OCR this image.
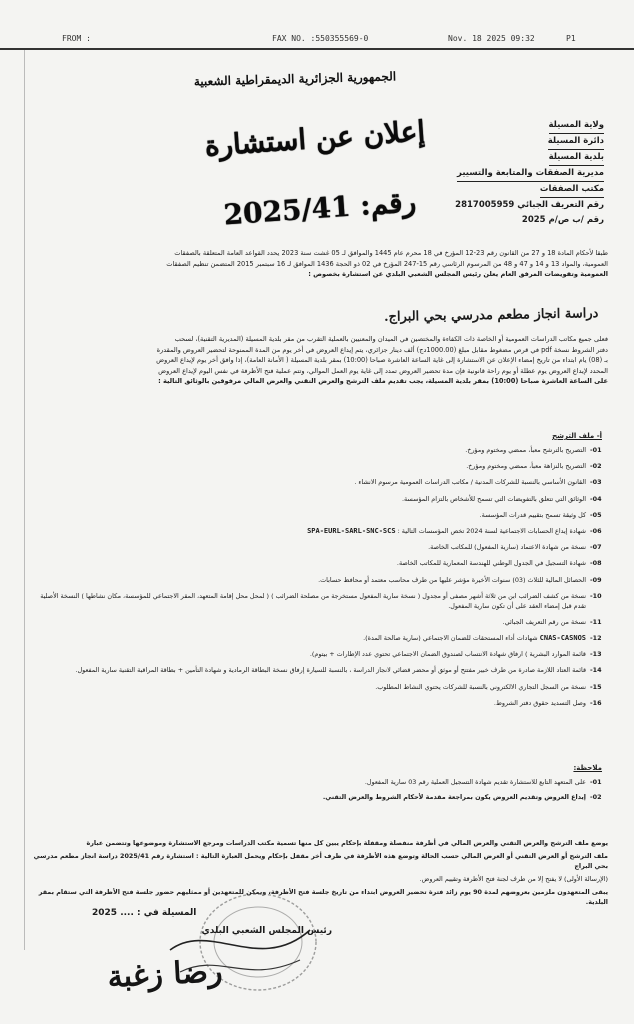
FROM :	FAX NO. :550355569-0	Nov. 18 2025 09:32	P1
الجمهورية الجزائرية الديمقراطية الشعبية
إعلان عن استشارة رقم: 2025/41
ولاية المسيلة
دائرة المسيلة
بلدية المسيلة
مديرية الصفقات والمتابعة والتسيير
مكتب الصفقات
رقم التعريف الجبائي 2817005959
رقم /ب ص/م 2025

طبقا لأحكام المادة 18 و 27 من القانون رقم 23-12 المؤرخ في 18 محرم عام 1445 والموافق لـ 05 غشت سنة 2023 يحدد القواعد العامة المتعلقة بالصفقات

العمومية، والمواد 13 و 14 و 47 و 48 من المرسوم الرئاسي رقم 15-247 المؤرخ في 02 ذو الحجة 1436 الموافق لـ 16 سبتمبر 2015 المتضمن تنظيم الصفقات

العمومية وتفويضات المرفق العام يعلن رئيس المجلس الشعبي البلدي عن استشارة بخصوص :

دراسة انجاز مطعم مدرسي بحي البراج.

فعلى جميع مكاتب الدراسات العمومية أو الخاصة ذات الكفاءة والمختصين في الميدان والمعنيين بالعملية التقرب من مقر بلدية المسيلة (المديرية التقنية)، لسحب

دفتر الشروط نسخة pdf في قرص مضغوط مقابل مبلغ (1000.00دج) ألف دينار جزائري، يتم إيداع العروض في أخر يوم من المدة الممنوحة لتحضير العروض والمقدرة

بـ (08) يام ابتداء من تاريخ إمضاء الإعلان عن الاستشارة إلى غاية الساعة العاشرة صباحا (10:00) بمقر بلدية المسيلة ( الأمانة العامة)، إذا وافق أخر يوم لإيداع العروض

المحدد لإيداع العروض يوم عطلة أو يوم راحة قانونية فإن مدة تحضير العروض تمدد إلى غاية يوم العمل الموالي، وتتم عملية فتح الأظرفة في نفس اليوم لإيداع العروض

على الساعة العاشرة صباحا (10:00) بمقر بلدية المسيلة، يجب تقديم ملف الترشح والعرض التقني والعرض المالي مرفوقين بالوثائق التالية :

أ- ملف الترشح
01-
التصريح بالترشح معبأ، ممضي ومختوم ومؤرخ.
02-
التصريح بالنزاهة معبأ، ممضي ومختوم ومؤرخ.
03-
القانون الأساسي بالنسبة للشركات المدنية / مكاتب الدراسات العمومية مرسوم الانشاء .
04-
الوثائق التي تتعلق بالتفويضات التي تسمح للأشخاص بالتزام المؤسسة.
05-
كل وثيقة تسمح بتقييم قدرات المؤسسة.
06-
شهادة إيداع الحسابات الاجتماعية لسنة 2024 تخص المؤسسات التالية : SPA-EURL-SARL-SNC-SCS
07-
نسخة من شهادة الاعتماد (سارية المفعول) للمكاتب الخاصة.
08-
شهادة التسجيل في الجدول الوطني للهندسة المعمارية للمكاتب الخاصة.
09-
الحصائل المالية للثلاث (03) سنوات الأخيرة مؤشر عليها من طرف محاسب معتمد أو محافظ حسابات.
10-
نسخة من كشف الضرائب ابن من ثلاثة أشهر مصفى أو مجدول ( نسخة سارية المفعول مستخرجة من مصلحة الضرائب ) ( لمحل محل إقامة المتعهد، المقر الاجتماعي للمؤسسة، مكان نشاطها ) النسخة الأصلية تقدم قبل إمضاء العقد على أن تكون سارية المفعول.
11-
نسخة من رقم التعريف الجبائي.
12-
CNAS-CASNOS شهادات أداء المستحقات للضمان الاجتماعي (سارية صالحة المدة).
13-
قائمة الموارد البشرية ) ارفاق شهادة الانتساب لصندوق الضمان الاجتماعي تحتوي عدد الإطارات + بيتوم).
14-
قائمة العتاد اللازمة صادرة من طرف خبير مفتتح أو موثق أو محضر قضائي لانجاز الدراسة ، بالنسبة للسيارة إرفاق نسخة البطاقة الرمادية و شهادة التأمين + بطاقة المراقبة التقنية سارية المفعول.
15-
نسخة من السجل التجاري الالكتروني بالنسبة للشركات يحتوي النشاط المطلوب.
16-
وصل التسديد حقوق دفتر الشروط.
ملاحظة:
01-
على المتعهد التابع للاستشارة تقديم شهادة التسجيل العملية رقم 03 سارية المفعول.
02-
إيداع العروض وتقديم العروض يكون بمراجعة مقدمة لأحكام الشروط والعرض التقني.

يوضع ملف الترشح والعرض التقني والعرض المالي في أظرفة منفصلة ومقفلة بإحكام يبين كل منها تسمية مكتب الدراسات ومرجع الاستشارة وموضوعها وتتضمن عبارة

ملف الترشح أو العرض التقني أو العرض المالي حسب الحالة وتوضع هذه الأظرفة في ظرف أخر مقفل بإحكام ويحمل العبارة التالية : استشارة رقم 2025/41 دراسة انجاز مطعم مدرسي بحي البراج

(الإرسالة الأولى) لا يفتح إلا من طرف لجنة فتح الأظرفة وتقييم العروض.

يبقى المتعهدون ملزمين بعروضهم لمدة 90 يوم زائد فترة تحضير العروض ابتداء من تاريخ جلسة فتح الأظرفة، ويمكن للمتعهدين أو ممثليهم حضور جلسة فتح الأظرفة التي ستقام بمقر البلدية.

المسيلة في : .... 2025
رئيس المجلس الشعبي البلدي
رضا زغبة
